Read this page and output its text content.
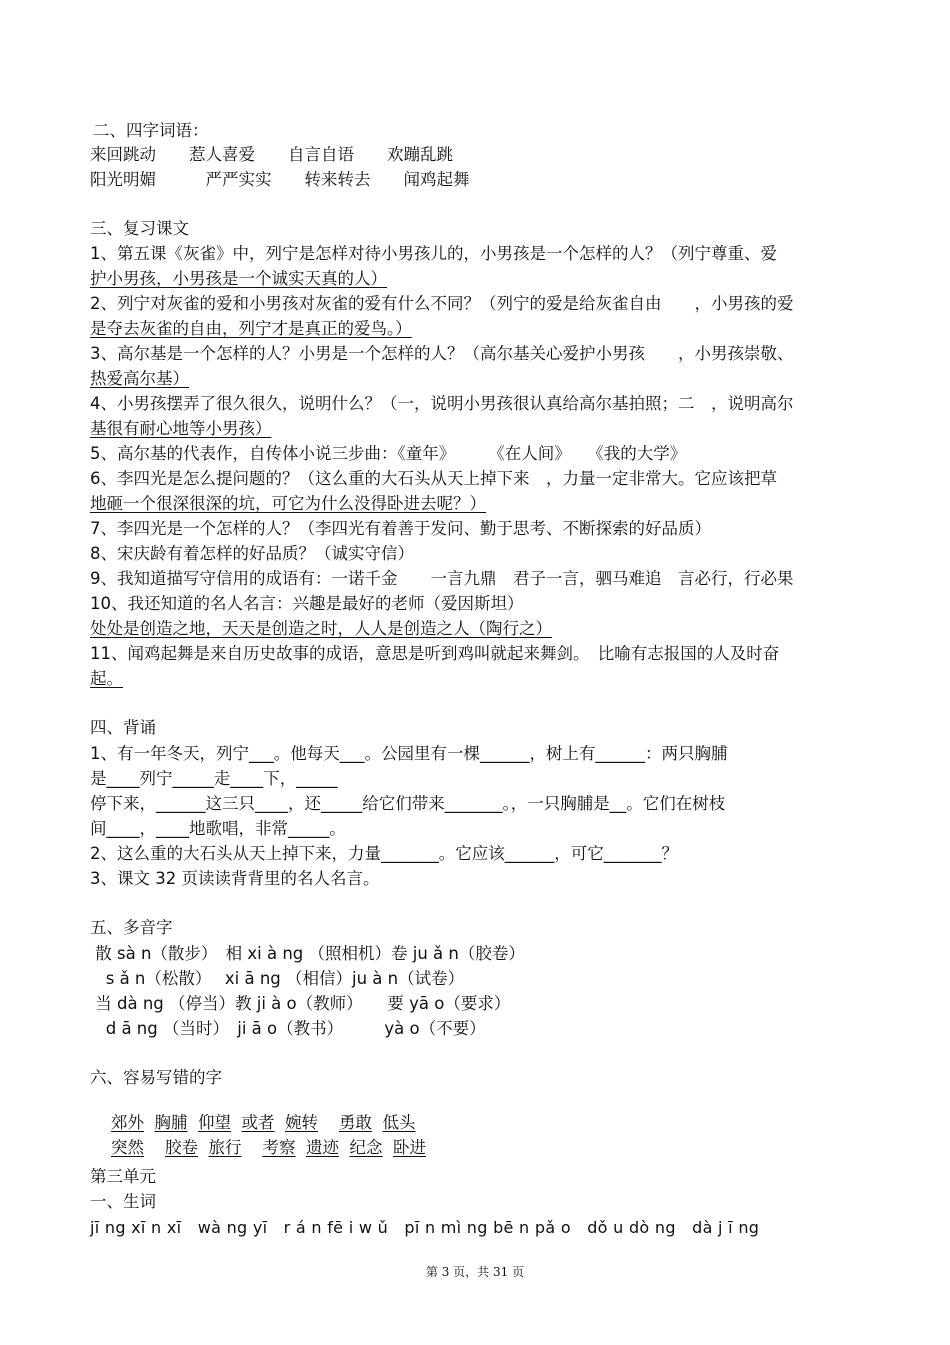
二、四字词语：
来回跳动　　惹人喜爱　　自言自语　　欢蹦乱跳
阳光明媚　　　严严实实　　转来转去　　闻鸡起舞
三、复习课文
1、第五课《灰雀》中，列宁是怎样对待小男孩儿的，小男孩是一个怎样的人？（列宁尊重、爱
护小男孩，小男孩是一个诚实天真的人）
2、列宁对灰雀的爱和小男孩对灰雀的爱有什么不同？（列宁的爱是给灰雀自由　　，小男孩的爱
是夺去灰雀的自由，列宁才是真正的爱鸟。）
3、高尔基是一个怎样的人？小男是一个怎样的人？（高尔基关心爱护小男孩　　，小男孩崇敬、
热爱高尔基）
4、小男孩摆弄了很久很久，说明什么？（一，说明小男孩很认真给高尔基拍照；二　，说明高尔
基很有耐心地等小男孩）
5、高尔基的代表作，自传体小说三步曲：《童年》　　　《在人间》　　《我的大学》
6、李四光是怎么提问题的？（这么重的大石头从天上掉下来　，力量一定非常大。它应该把草
地砸一个很深很深的坑，可它为什么没得卧进去呢？）
7、李四光是一个怎样的人？（李四光有着善于发问、勤于思考、不断探索的好品质）
8、宋庆龄有着怎样的好品质？（诚实守信）
9、我知道描写守信用的成语有：一诺千金　　一言九鼎　君子一言，驷马难追　言必行，行必果
10、我还知道的名人名言：兴趣是最好的老师（爱因斯坦）
处处是创造之地，天天是创造之时，人人是创造之人（陶行之）
11、闻鸡起舞是来自历史故事的成语，意思是听到鸡叫就起来舞剑。　比喻有志报国的人及时奋
起。
四、背诵
1、有一年冬天，列宁___。他每天___。公园里有一棵______，树上有______：两只胸脯
是____列宁_____走____下，_____
停下来，______这三只____，还_____给它们带来_______。，一只胸脯是__。它们在树枝
间____，____地歌唱，非常_____。
2、这么重的大石头从天上掉下来，力量_______。它应该______，可它_______？
3、课文 32 页读读背背里的名人名言。
五、多音字
散 sà n（散步）　相 xi à ng （照相机）卷 ju ǎ n（胶卷）
s ǎ n（松散）　 xi ā ng （相信）ju à n（试卷）
当 dà ng （停当）教 ji à o（教师）　　要 yā o（要求）
d ā ng （当时）　ji ā o（教书）　　　yà o（不要）
六、容易写错的字

郊外 胸脯 仰望 或者 婉转 勇敢 低头

突然 胶卷 旅行 考察 遗迹 纪念 卧进

第三单元
一、生词
jī ng xī n xī　wà ng yī　r á n fē i w ǔ　pī n mì ng bē n pǎ o　dǒ u dò ng　dà j ī ng
第 3 页，共 31 页
